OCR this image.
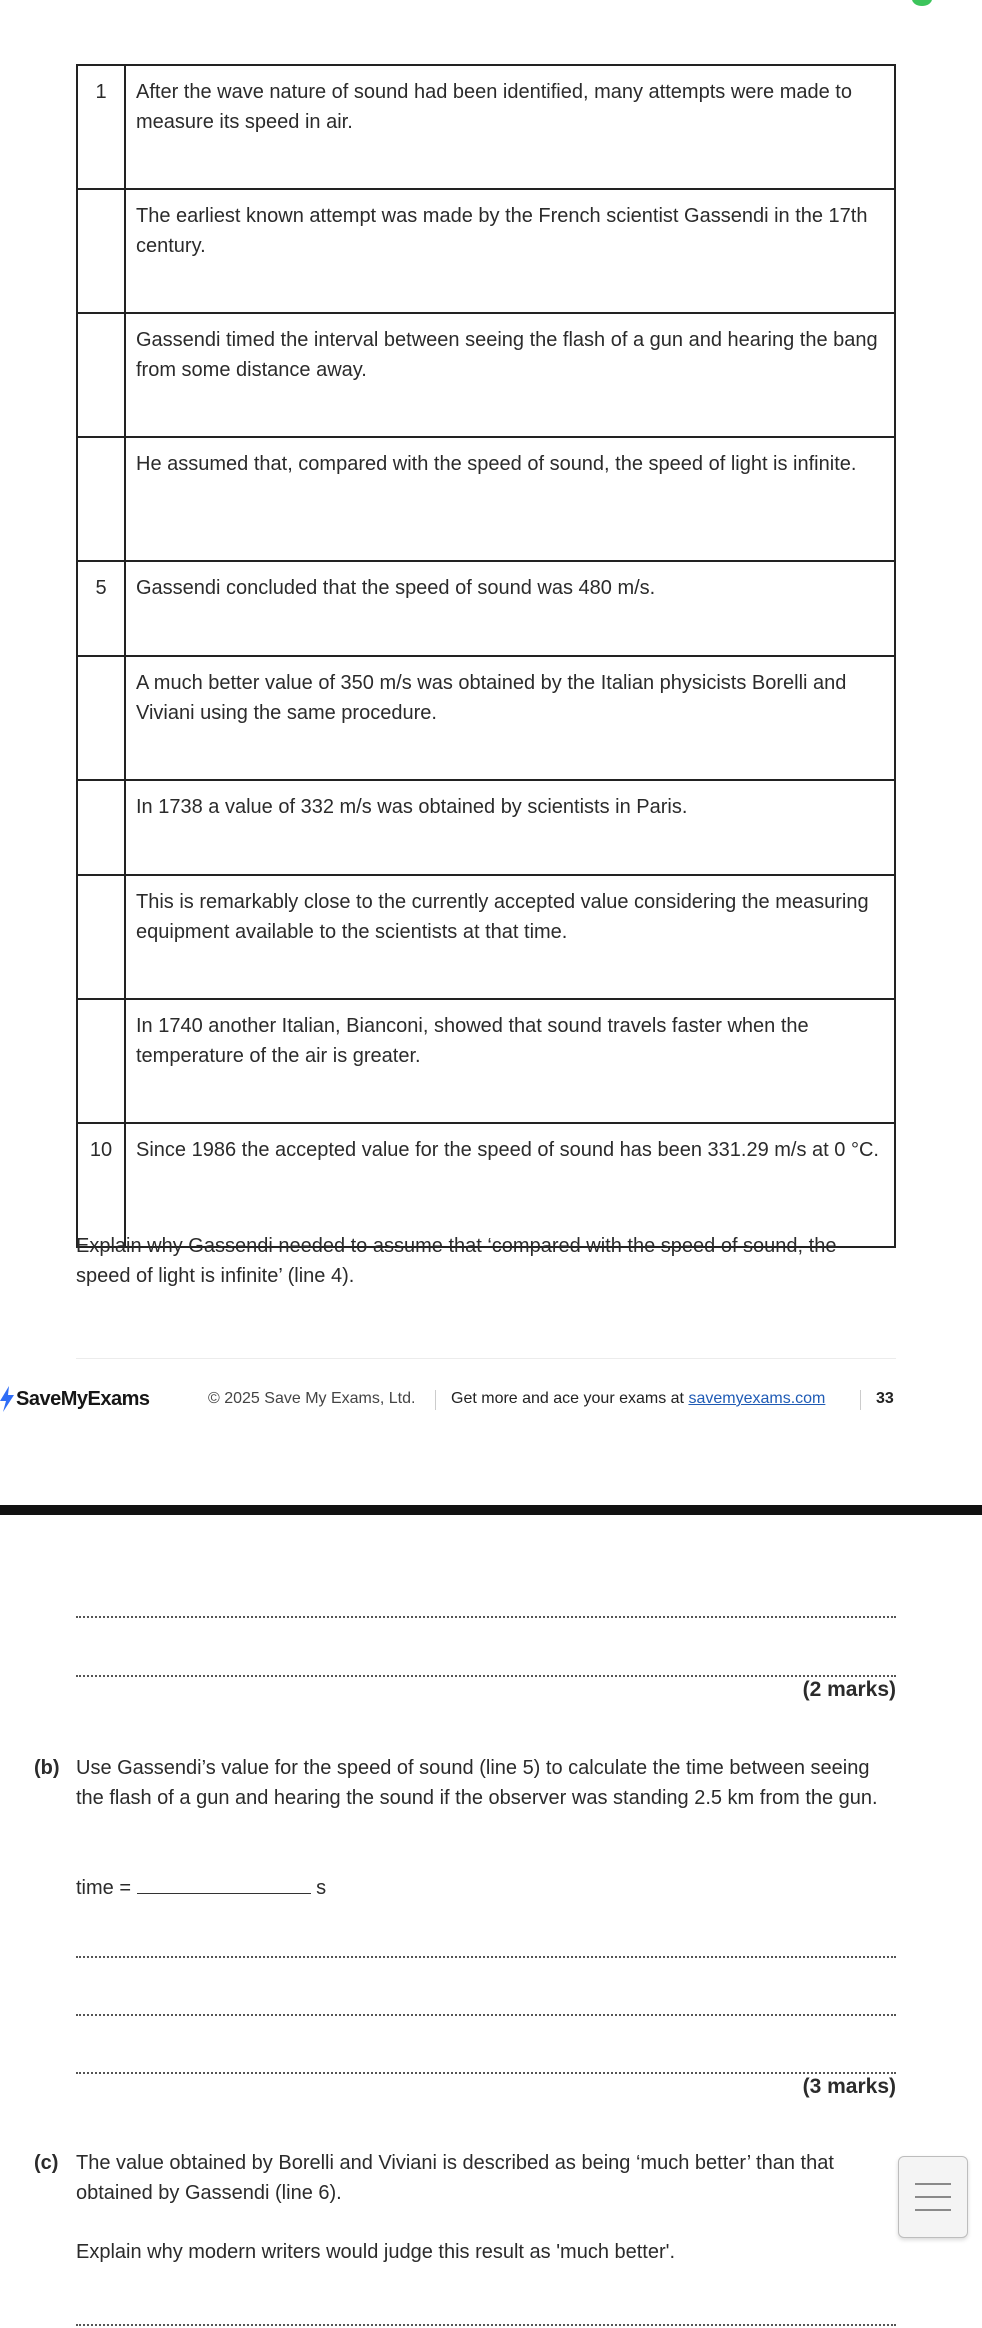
1	After the wave nature of sound had been identified, many attempts were made to measure its speed in air.
	The earliest known attempt was made by the French scientist Gassendi in the 17th century.
	Gassendi timed the interval between seeing the flash of a gun and hearing the bang from some distance away.
	He assumed that, compared with the speed of sound, the speed of light is infinite.
5	Gassendi concluded that the speed of sound was 480 m/s.
	A much better value of 350 m/s was obtained by the Italian physicists Borelli and Viviani using the same procedure.
	In 1738 a value of 332 m/s was obtained by scientists in Paris.
	This is remarkably close to the currently accepted value considering the measuring equipment available to the scientists at that time.
	In 1740 another Italian, Bianconi, showed that sound travels faster when the temperature of the air is greater.
10	Since 1986 the accepted value for the speed of sound has been 331.29 m/s at 0 °C.
Explain why Gassendi needed to assume that ‘compared with the speed of sound, the speed of light is infinite’ (line 4).
SaveMyExams	© 2025 Save My Exams, Ltd. Get more and ace your exams at savemyexams.com	33
(2 marks)
(b) Use Gassendi’s value for the speed of sound (line 5) to calculate the time between seeing the flash of a gun and hearing the sound if the observer was standing 2.5 km from the gun.
time =	s
(3 marks)
(c) The value obtained by Borelli and Viviani is described as being ‘much better’ than that obtained by Gassendi (line 6).
Explain why modern writers would judge this result as 'much better'.
